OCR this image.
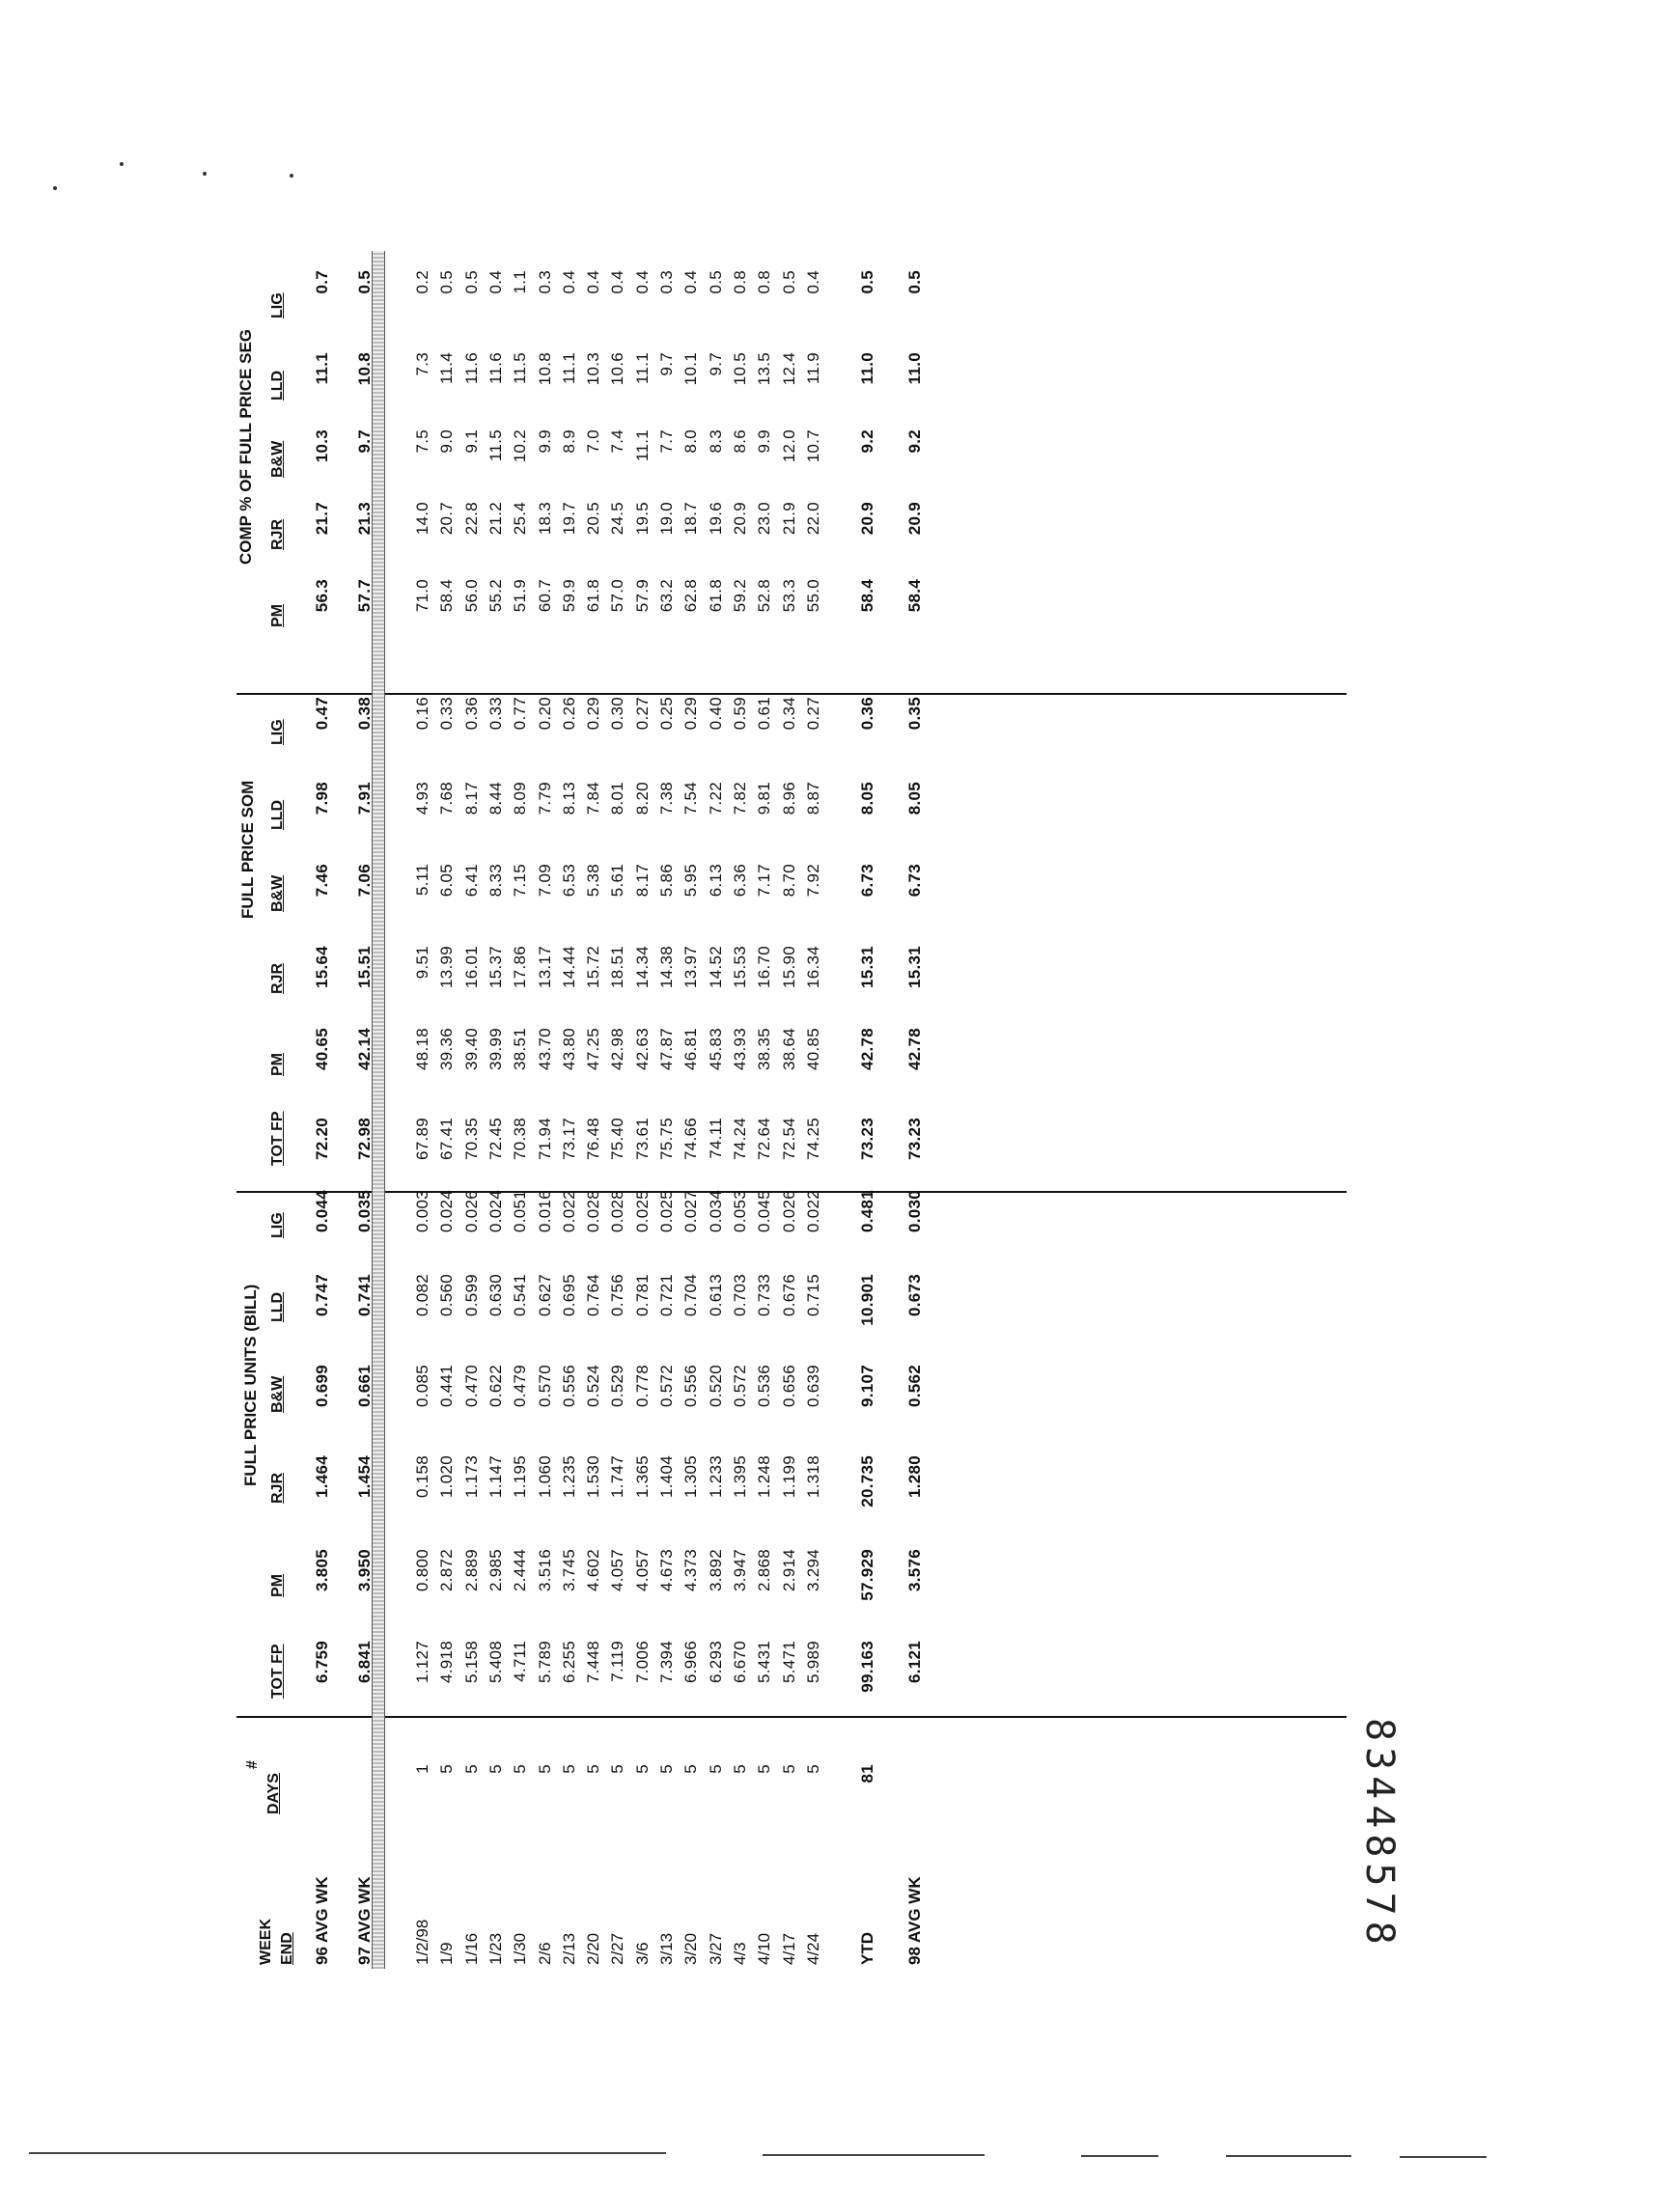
83448578
WEEK END
#
DAYS
FULL PRICE UNITS (BILL)
FULL PRICE SOM
COMP % OF FULL PRICE SEG
TOT FP
PM
RJR
B&W
LLD
LIG
TOT FP
PM
RJR
B&W
LLD
LIG
PM
RJR
B&W
LLD
LIG
96 AVG WK
6.759
3.805
1.464
0.699
0.747
0.044
72.20
40.65
15.64
7.46
7.98
0.47
56.3
21.7
10.3
11.1
0.7
97 AVG WK
6.841
3.950
1.454
0.661
0.741
0.035
72.98
42.14
15.51
7.06
7.91
0.38
57.7
21.3
9.7
10.8
0.5
1/2/98
1
1.127
0.800
0.158
0.085
0.082
0.003
67.89
48.18
9.51
5.11
4.93
0.16
71.0
14.0
7.5
7.3
0.2
1/9
5
4.918
2.872
1.020
0.441
0.560
0.024
67.41
39.36
13.99
6.05
7.68
0.33
58.4
20.7
9.0
11.4
0.5
1/16
5
5.158
2.889
1.173
0.470
0.599
0.026
70.35
39.40
16.01
6.41
8.17
0.36
56.0
22.8
9.1
11.6
0.5
1/23
5
5.408
2.985
1.147
0.622
0.630
0.024
72.45
39.99
15.37
8.33
8.44
0.33
55.2
21.2
11.5
11.6
0.4
1/30
5
4.711
2.444
1.195
0.479
0.541
0.051
70.38
38.51
17.86
7.15
8.09
0.77
51.9
25.4
10.2
11.5
1.1
2/6
5
5.789
3.516
1.060
0.570
0.627
0.016
71.94
43.70
13.17
7.09
7.79
0.20
60.7
18.3
9.9
10.8
0.3
2/13
5
6.255
3.745
1.235
0.556
0.695
0.022
73.17
43.80
14.44
6.53
8.13
0.26
59.9
19.7
8.9
11.1
0.4
2/20
5
7.448
4.602
1.530
0.524
0.764
0.028
76.48
47.25
15.72
5.38
7.84
0.29
61.8
20.5
7.0
10.3
0.4
2/27
5
7.119
4.057
1.747
0.529
0.756
0.028
75.40
42.98
18.51
5.61
8.01
0.30
57.0
24.5
7.4
10.6
0.4
3/6
5
7.006
4.057
1.365
0.778
0.781
0.025
73.61
42.63
14.34
8.17
8.20
0.27
57.9
19.5
11.1
11.1
0.4
3/13
5
7.394
4.673
1.404
0.572
0.721
0.025
75.75
47.87
14.38
5.86
7.38
0.25
63.2
19.0
7.7
9.7
0.3
3/20
5
6.966
4.373
1.305
0.556
0.704
0.027
74.66
46.81
13.97
5.95
7.54
0.29
62.8
18.7
8.0
10.1
0.4
3/27
5
6.293
3.892
1.233
0.520
0.613
0.034
74.11
45.83
14.52
6.13
7.22
0.40
61.8
19.6
8.3
9.7
0.5
4/3
5
6.670
3.947
1.395
0.572
0.703
0.053
74.24
43.93
15.53
6.36
7.82
0.59
59.2
20.9
8.6
10.5
0.8
4/10
5
5.431
2.868
1.248
0.536
0.733
0.045
72.64
38.35
16.70
7.17
9.81
0.61
52.8
23.0
9.9
13.5
0.8
4/17
5
5.471
2.914
1.199
0.656
0.676
0.026
72.54
38.64
15.90
8.70
8.96
0.34
53.3
21.9
12.0
12.4
0.5
4/24
5
5.989
3.294
1.318
0.639
0.715
0.022
74.25
40.85
16.34
7.92
8.87
0.27
55.0
22.0
10.7
11.9
0.4
YTD
81
99.163
57.929
20.735
9.107
10.901
0.481
73.23
42.78
15.31
6.73
8.05
0.36
58.4
20.9
9.2
11.0
0.5
98 AVG WK
6.121
3.576
1.280
0.562
0.673
0.030
73.23
42.78
15.31
6.73
8.05
0.35
58.4
20.9
9.2
11.0
0.5
